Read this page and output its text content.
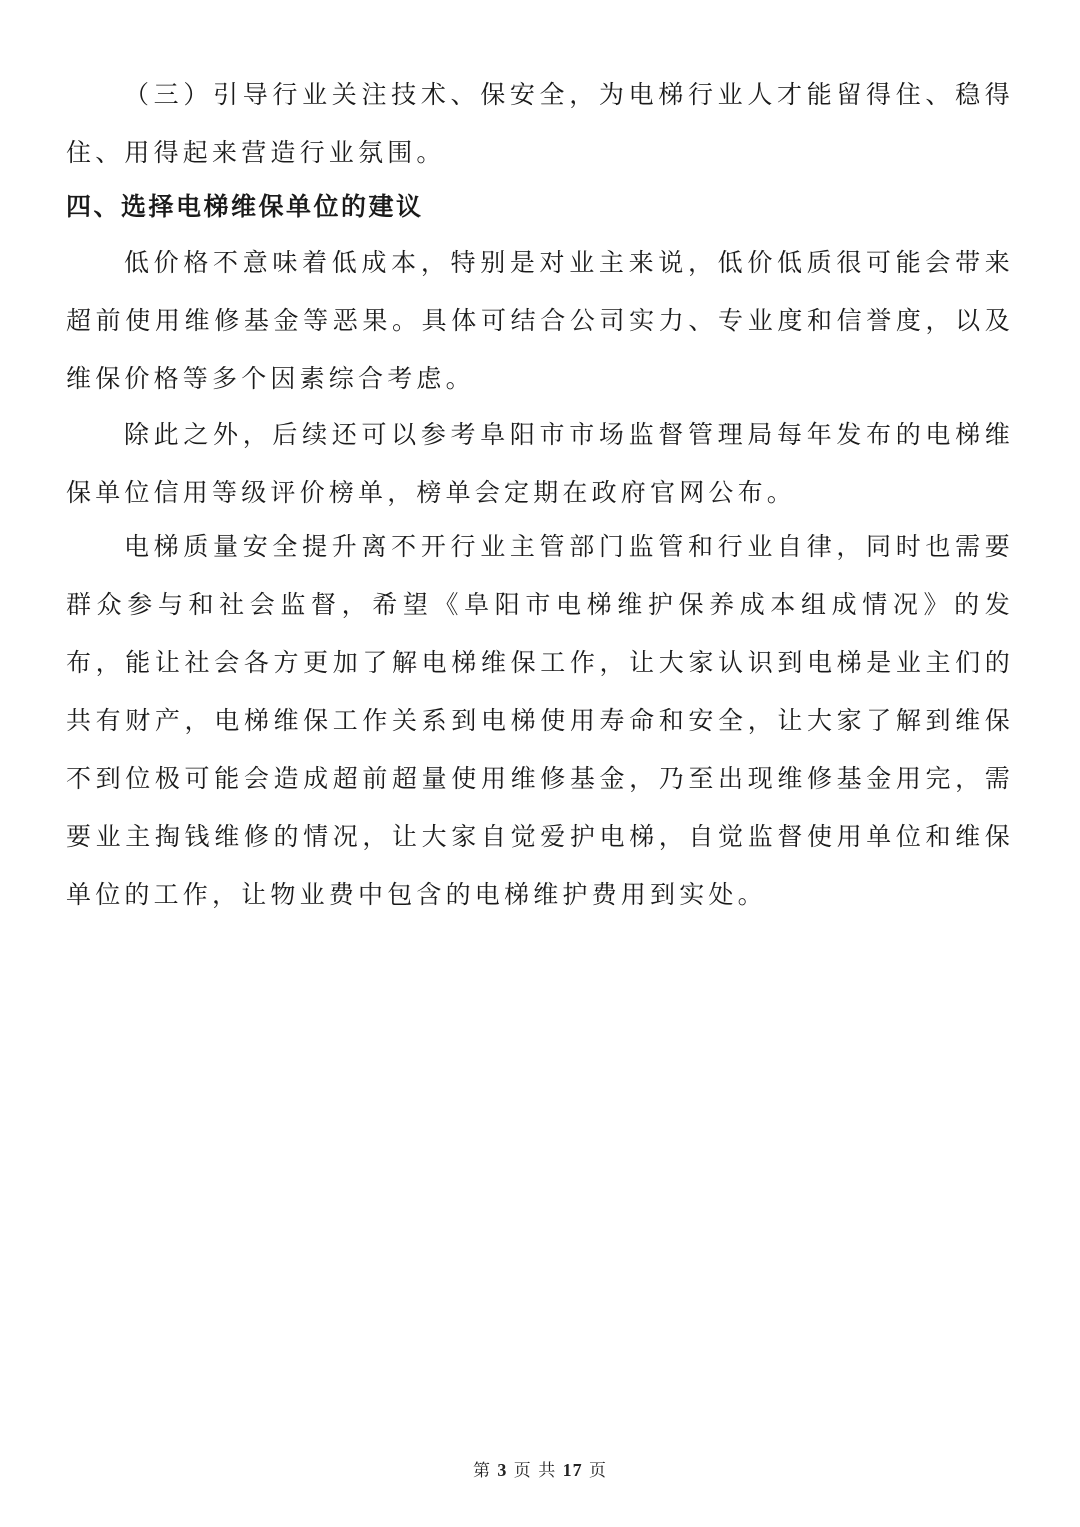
（三）引导行业关注技术、保安全，为电梯行业人才能留得住、稳得住、用得起来营造行业氛围。

四、选择电梯维保单位的建议

低价格不意味着低成本，特别是对业主来说，低价低质很可能会带来超前使用维修基金等恶果。具体可结合公司实力、专业度和信誉度，以及维保价格等多个因素综合考虑。

除此之外，后续还可以参考阜阳市市场监督管理局每年发布的电梯维保单位信用等级评价榜单，榜单会定期在政府官网公布。

电梯质量安全提升离不开行业主管部门监管和行业自律，同时也需要群众参与和社会监督，希望《阜阳市电梯维护保养成本组成情况》的发布，能让社会各方更加了解电梯维保工作，让大家认识到电梯是业主们的共有财产，电梯维保工作关系到电梯使用寿命和安全，让大家了解到维保不到位极可能会造成超前超量使用维修基金，乃至出现维修基金用完，需要业主掏钱维修的情况，让大家自觉爱护电梯，自觉监督使用单位和维保单位的工作，让物业费中包含的电梯维护费用到实处。

第 3 页 共 17 页
